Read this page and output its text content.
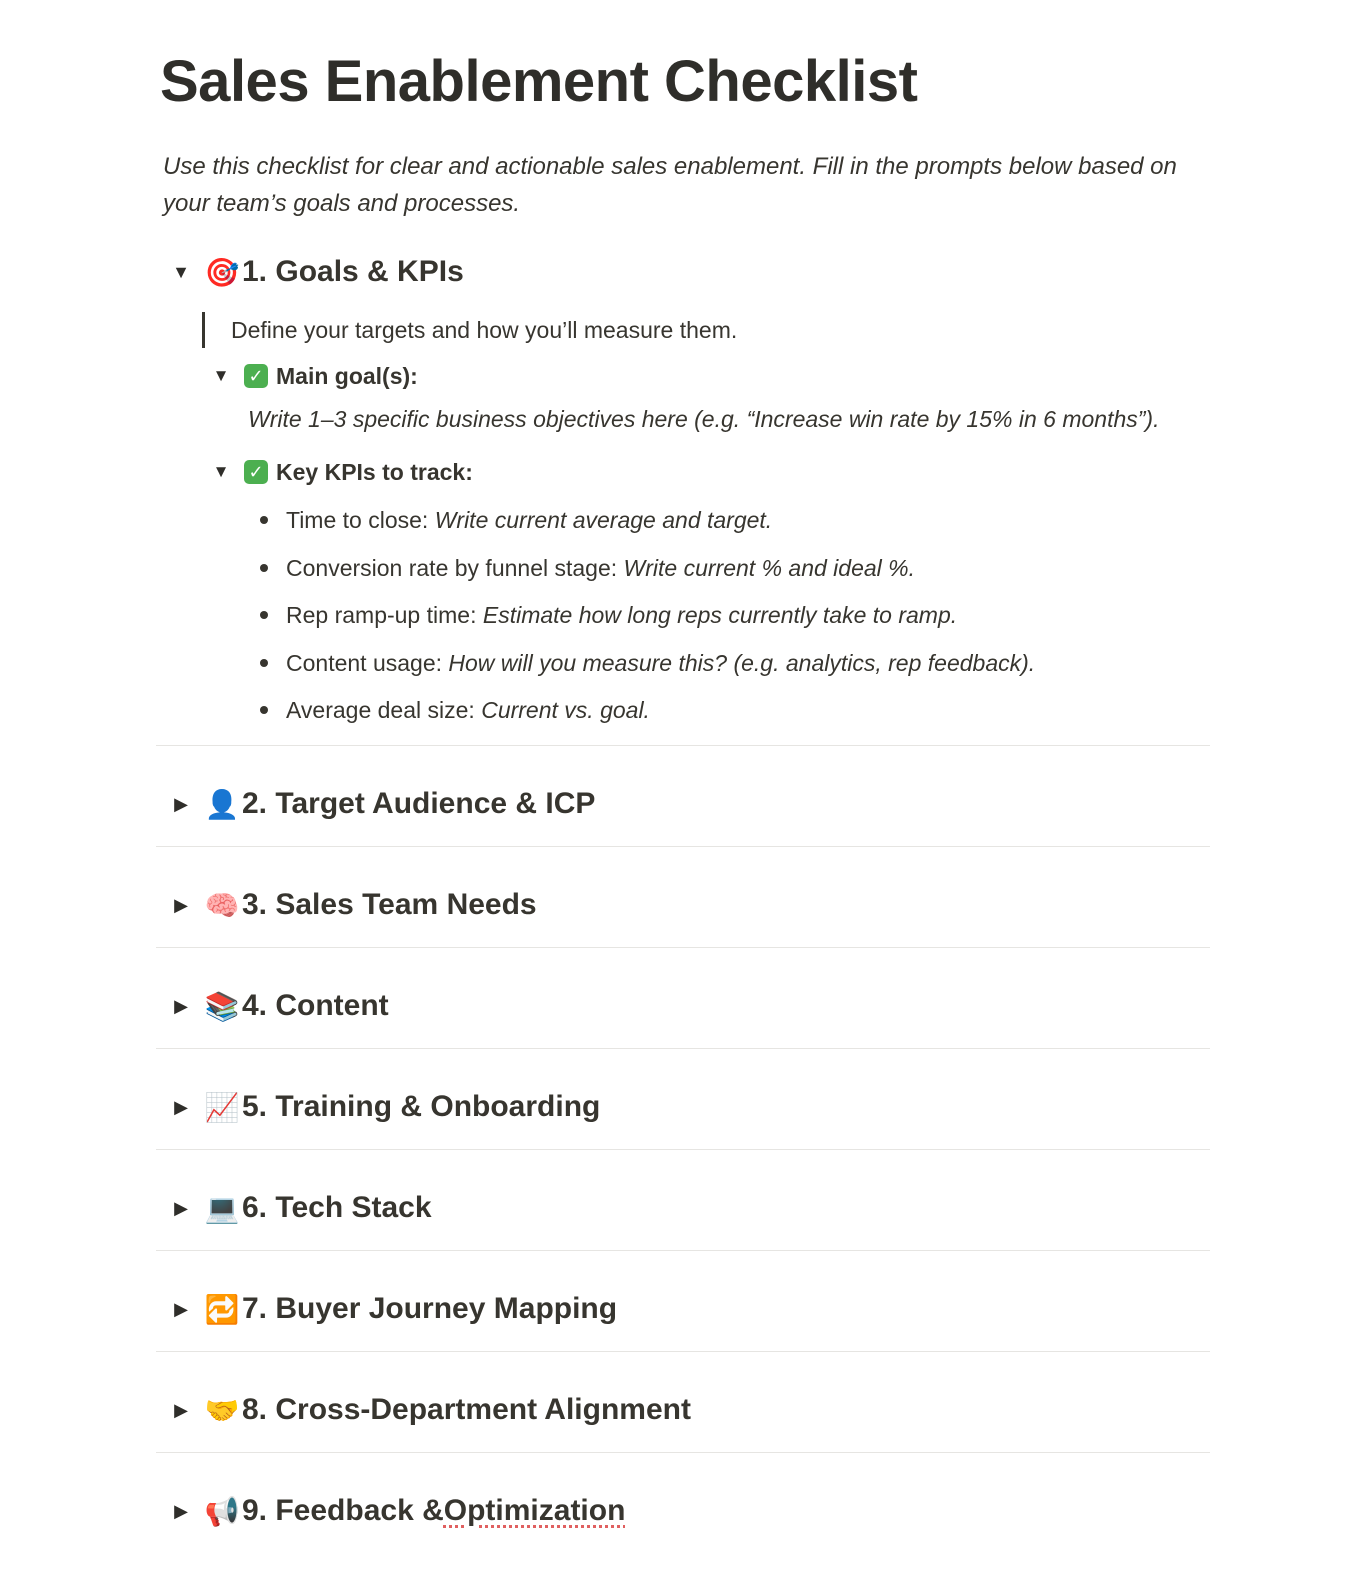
Sales Enablement Checklist

Use this checklist for clear and actionable sales enablement. Fill in the prompts below based on your team’s goals and processes.

▼ 🎯 1. Goals & KPIs
Define your targets and how you’ll measure them.
▼ ✓ Main goal(s):
Write 1–3 specific business objectives here (e.g. “Increase win rate by 15% in 6 months”).
▼ ✓ Key KPIs to track:
Time to close: Write current average and target.
Conversion rate by funnel stage: Write current % and ideal %.
Rep ramp-up time: Estimate how long reps currently take to ramp.
Content usage: How will you measure this? (e.g. analytics, rep feedback).
Average deal size: Current vs. goal.
▶ 👤 2. Target Audience & ICP
▶ 🧠 3. Sales Team Needs
▶ 📚 4. Content
▶ 📈 5. Training & Onboarding
▶ 💻 6. Tech Stack
▶ 🔁 7. Buyer Journey Mapping
▶ 🤝 8. Cross-Department Alignment
▶ 📢 9. Feedback & Optimization
